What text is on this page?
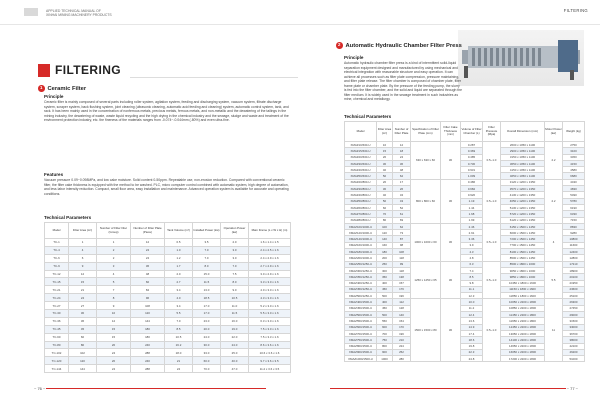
APPLIED TECHNICAL MANUAL OF
XINHAI MINING MACHINERY PRODUCTS
FILTERING
FILTERING
1 Ceramic Filter
Principle
Ceramic filter is mainly composed of several parts including roller system, agitation system, feeding and discharging system, vacuum system, filtrate discharge system, scraper system, back flushing system, joint cleaning (ultrasonic cleaning, automatic acid feeding and cleaning) system, automatic control system, tank, and rack. It has been mainly used in the concentration of nonferrous metals, precious metals, ferrous metals, and non-metallic and the dewatering of the tailings in the mining industry, the dewatering of waste, waste liquid recycling and the high drying in the chemical industry and the sewage, sludge and waste and treatment of the environment protection industry, etc. the fineness of the materials ranges from -0.074~-0.044mm (-80%) and even ultra-fine.
Features
Vacuum pressure 0.09~0.098MPa, and low cake moisture. Solid content 0-50ppm. Repeatable use, non-erosion reduction. Compared with conventional ceramic filter, the filter cake thickness is equipped with the method to be washed. PLC, micro computer control combined with automatic system, high degree of automation, and less labor intensity reduction. Compact, small floor area, easy installation and maintenance. Advanced operation system is available for accurate and operating conditions.
Technical Parameters
Model	Filter Area (m²)	Number of Filter Disc (Group)	Number of Filter Plate (Piece)	Tank Volume (m³)	Installed Power (kw)	Operation Power (kw)	Main Frame (L x W x H) (m)
TC-1	1	1	12	0.5	3.5	2.0	1.6 x 1.4 x 1.5
TC-4	4	2	24	1.0	7.0	3.0	2.4 x 2.5 x 1.6
TC-6	6	2	24	1.2	7.0	3.0	2.4 x 2.9 x 1.6
TC-9	9	3	36	1.7	8.0	7.0	2.7 x 2.9 x 1.6
TC-12	12	4	48	2.0	15.0	7.5	3.0 x 2.9 x 1.6
TC-15	15	5	60	2.7	11.5	8.0	3.3 x 3.0 x 1.6
TC-21	21	7	84	3.4	13.0	9.0	4.0 x 3.0 x 1.6
TC-24	24	8	96	4.0	18.5	10.5	4.3 x 3.0 x 1.6
TC-27	27	9	108	3.4	17.0	11.0	5.2 x 3.0 x 1.6
TC-30	30	10	120	5.5	17.0	11.5	5.5 x 3.0 x 1.6
TC-36	36	12	144	7.0	23.0	16.0	6.3 x 3.0 x 1.6
TC-45	45	15	180	8.5	20.0	19.0	7.5 x 3.0 x 1.6
TC-60	60	15	180	10.5	24.0	22.0	7.5 x 3.3 x 1.6
TC-80	80	20	240	16.2	30.0	24.0	8.6 x 3.6 x 1.6
TC-102	102	24	288	18.0	33.0	25.0	10.6 x 3.6 x 1.6
TC-120	120	20	240	21	60.0	40.0	9.7 x 3.6 x 3.5
TC-144	144	24	288	24	70.0	47.0	11.2 x 3.6 x 3.5
2 Automatic Hydraulic Chamber Filter Press
Principle

Automatic hydraulic chamber filter press is a kind of intermittent solid-liquid separation equipment designed and manufactured by using mechanical and electrical integration with reasonable structure and easy operation. It can achieve all processes such as filter plate compression, pressure maintaining, and filter plate release. The filter chamber is composed of chamber plate, filter frame plate or chamber plate. By the pressure of the feeding pump, the slurry is fed into the filter chamber, and the solid and liquid are separated through the filter medium. It is widely used in the sewage treatment in such industries as mine, chemical and metallurgy.

Technical Parameters
Model	Filter Area (m²)	Number of Filter Plate	Specification of Filter Plate (mm)	Filter Cake Thickness (mm)	Volume of Filter Chamber (L)	Filter Pressure (Mpa)	Overall Dimension (mm)	Motor Power (kw)	Weight (kg)
XMAZ10/630-U	10	12	630 x 630 x 60	30	0.287	0.5~1.0	2600 x 1050 x 1100	2.2	2750
XMAZ15/630-U	15	18			0.369		2900 x 1050 x 1100		3100
XMAZ20/630-U	20	24			0.485		3150 x 1050 x 1100		3450
XMAZ30/630-U	30	36			0.730		3650 x 1050 x 1100		4150
XMAZ40/630-U	40	48			0.931		4150 x 1050 x 1100		4580
XMAZ50/630-U	50	62			1.009		4650 x 1050 x 1100		6680
XMAZ20/800-U	20	17	800 x 800 x 60	30	0.486	0.5~1.0	3120 x 1200 x 1350	2.2	4430
XMAZ30/800-U	30	26			0.682		3570 x 1200 x 1350		4830
XMAZ40/800-U	40	34			0.920		4130 x 1200 x 1350		5490
XMAZ50/800-U	50	43			1.19		4650 x 1200 x 1350		5780
XMAZ60/800-U	60	52			1.44		5130 x 1200 x 1350		6190
XMAZ70/800-U	70	61			1.68		5720 x 1200 x 1350		6330
XMAZ80/800-U	80	69			1.99		6120 x 1200 x 1350		7150
XMAZ100/1000-U	100	62	1000 x 1000 x 60	30	2.46	0.5~1.0	6150 x 1500 x 1450	4	8830
XMAZ120/1000-U	120	73			2.91		6600 x 1500 x 1450		9280
XMAZ140/1000-U	140	87			3.36		7200 x 1500 x 1450		10800
XMAZ160/1000-U	160	98			3.9		7700 x 1500 x 1450		11600
XMAZ180/1000-U	180	108			4.3		8100 x 1500 x 1450		12400
XMAZ200/1000-U	200	118			4.8		8500 x 1500 x 1450		12800
XMAZ250/1250-U	250	99	1250 x 1250 x 65	30	6.3	0.5~1.0	8500 x 1800 x 1600	5.5	17210
XMAZ300/1250-U	300	118			7.4		9050 x 1800 x 1600		18900
XMAZ350/1250-U	350	138			8.5		9850 x 1800 x 1600		20100
XMAZ400/1250-U	400	157			9.8		10450 x 1800 x 1600		21950
XMAZ450/1250-U	450	176			11.1		11150 x 1800 x 1600		23600
XMAZ500/1250-U	500	196			12.3		11850 x 1800 x 1600		25100
XMAZ400/1500-U	400	112	1500 x 1500 x 80	30	10.0	0.5~1.0	10050 x 2200 x 1800	11	26300
XMAZ450/1500-U	450	128			11.2		10850 x 2200 x 1800		27450
XMAZ500/1500-U	500	140			12.4		11450 x 2200 x 1800		29000
XMAZ550/1500-U	550	154			13.6		11950 x 2200 x 1800		31500
XMAZ600/1500-U	600	170			14.9		12450 x 2200 x 1800		33000
XMAZ700/1500-U	700	196			17.4		13050 x 2200 x 1800		36700
XMAZ750/1500-U	750	210			18.6		14100 x 2200 x 1800		38000
XMAZ800/1500-U	800	224			19.8		14650 x 2200 x 1800		42100
XMAZ900/1500-U	900	252			22.3		16050 x 2200 x 1800		46200
XMAZ1000/1500-U	1000	280			24.8		17200 x 2200 x 1800		51000
~ 76 ~	~ 77 ~
